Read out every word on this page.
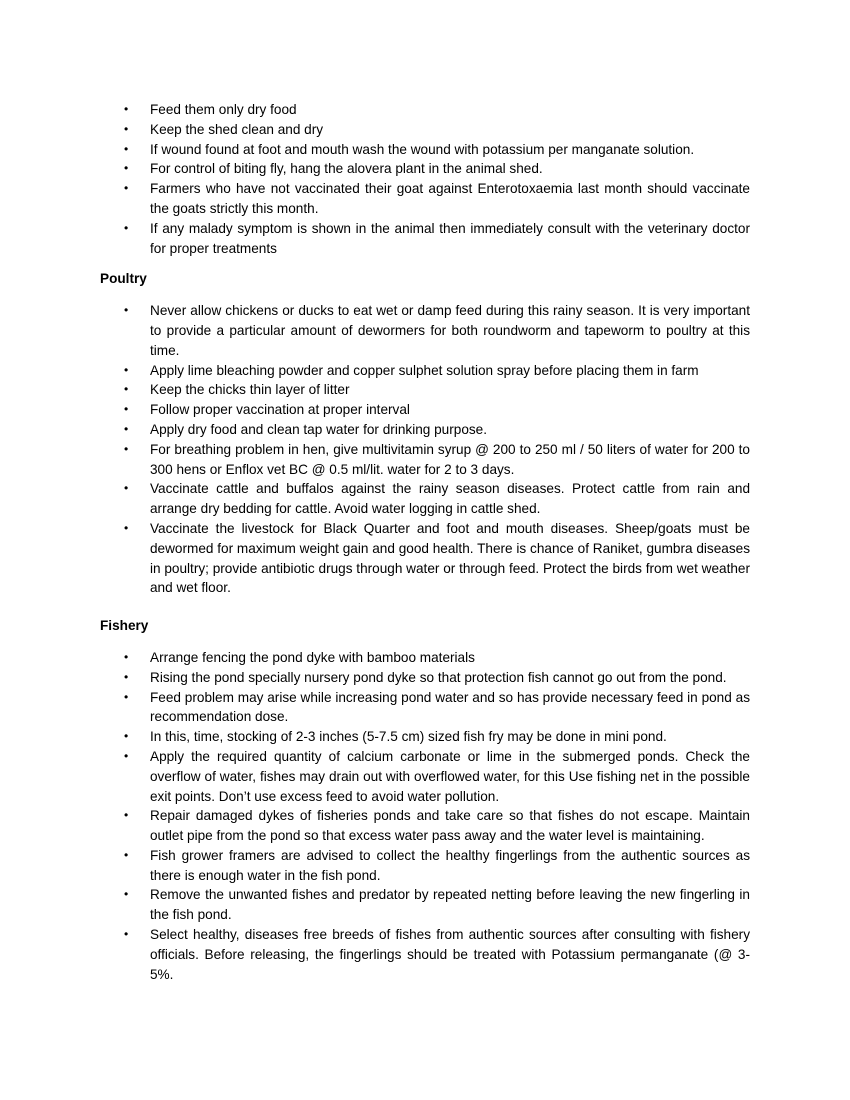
• Feed them only dry food
• Keep the shed clean and dry
• If wound found at foot and mouth wash the wound with potassium per manganate solution.
• For control of biting fly, hang the alovera plant in the animal shed.
• Farmers who have not vaccinated their goat against Enterotoxaemia last month should vaccinate the goats strictly this month.
• If any malady symptom is shown in the animal then immediately consult with the veterinary doctor for proper treatments
Poultry
• Never allow chickens or ducks to eat wet or damp feed during this rainy season. It is very important to provide a particular amount of dewormers for both roundworm and tapeworm to poultry at this time.
• Apply lime bleaching powder and copper sulphet solution spray before placing them in farm
• Keep the chicks thin layer of litter
• Follow proper vaccination at proper interval
• Apply dry food and clean tap water for drinking purpose.
• For breathing problem in hen, give multivitamin syrup @ 200 to 250 ml / 50 liters of water for 200 to 300 hens or Enflox vet BC @ 0.5 ml/lit. water for 2 to 3 days.
• Vaccinate cattle and buffalos against the rainy season diseases. Protect cattle from rain and arrange dry bedding for cattle. Avoid water logging in cattle shed.
• Vaccinate the livestock for Black Quarter and foot and mouth diseases. Sheep/goats must be dewormed for maximum weight gain and good health. There is chance of Raniket, gumbra diseases in poultry; provide antibiotic drugs through water or through feed. Protect the birds from wet weather and wet floor.
Fishery
• Arrange fencing the pond dyke with bamboo materials
• Rising the pond specially nursery pond dyke so that protection fish cannot go out from the pond.
• Feed problem may arise while increasing pond water and so has provide necessary feed in pond as recommendation dose.
• In this, time, stocking of 2-3 inches (5-7.5 cm) sized fish fry may be done in mini pond.
• Apply the required quantity of calcium carbonate or lime in the submerged ponds. Check the overflow of water, fishes may drain out with overflowed water, for this Use fishing net in the possible exit points. Don’t use excess feed to avoid water pollution.
• Repair damaged dykes of fisheries ponds and take care so that fishes do not escape. Maintain outlet pipe from the pond so that excess water pass away and the water level is maintaining.
• Fish grower framers are advised to collect the healthy fingerlings from the authentic sources as there is enough water in the fish pond.
• Remove the unwanted fishes and predator by repeated netting before leaving the new fingerling in the fish pond.
• Select healthy, diseases free breeds of fishes from authentic sources after consulting with fishery officials. Before releasing, the fingerlings should be treated with Potassium permanganate (@ 3-5%.
